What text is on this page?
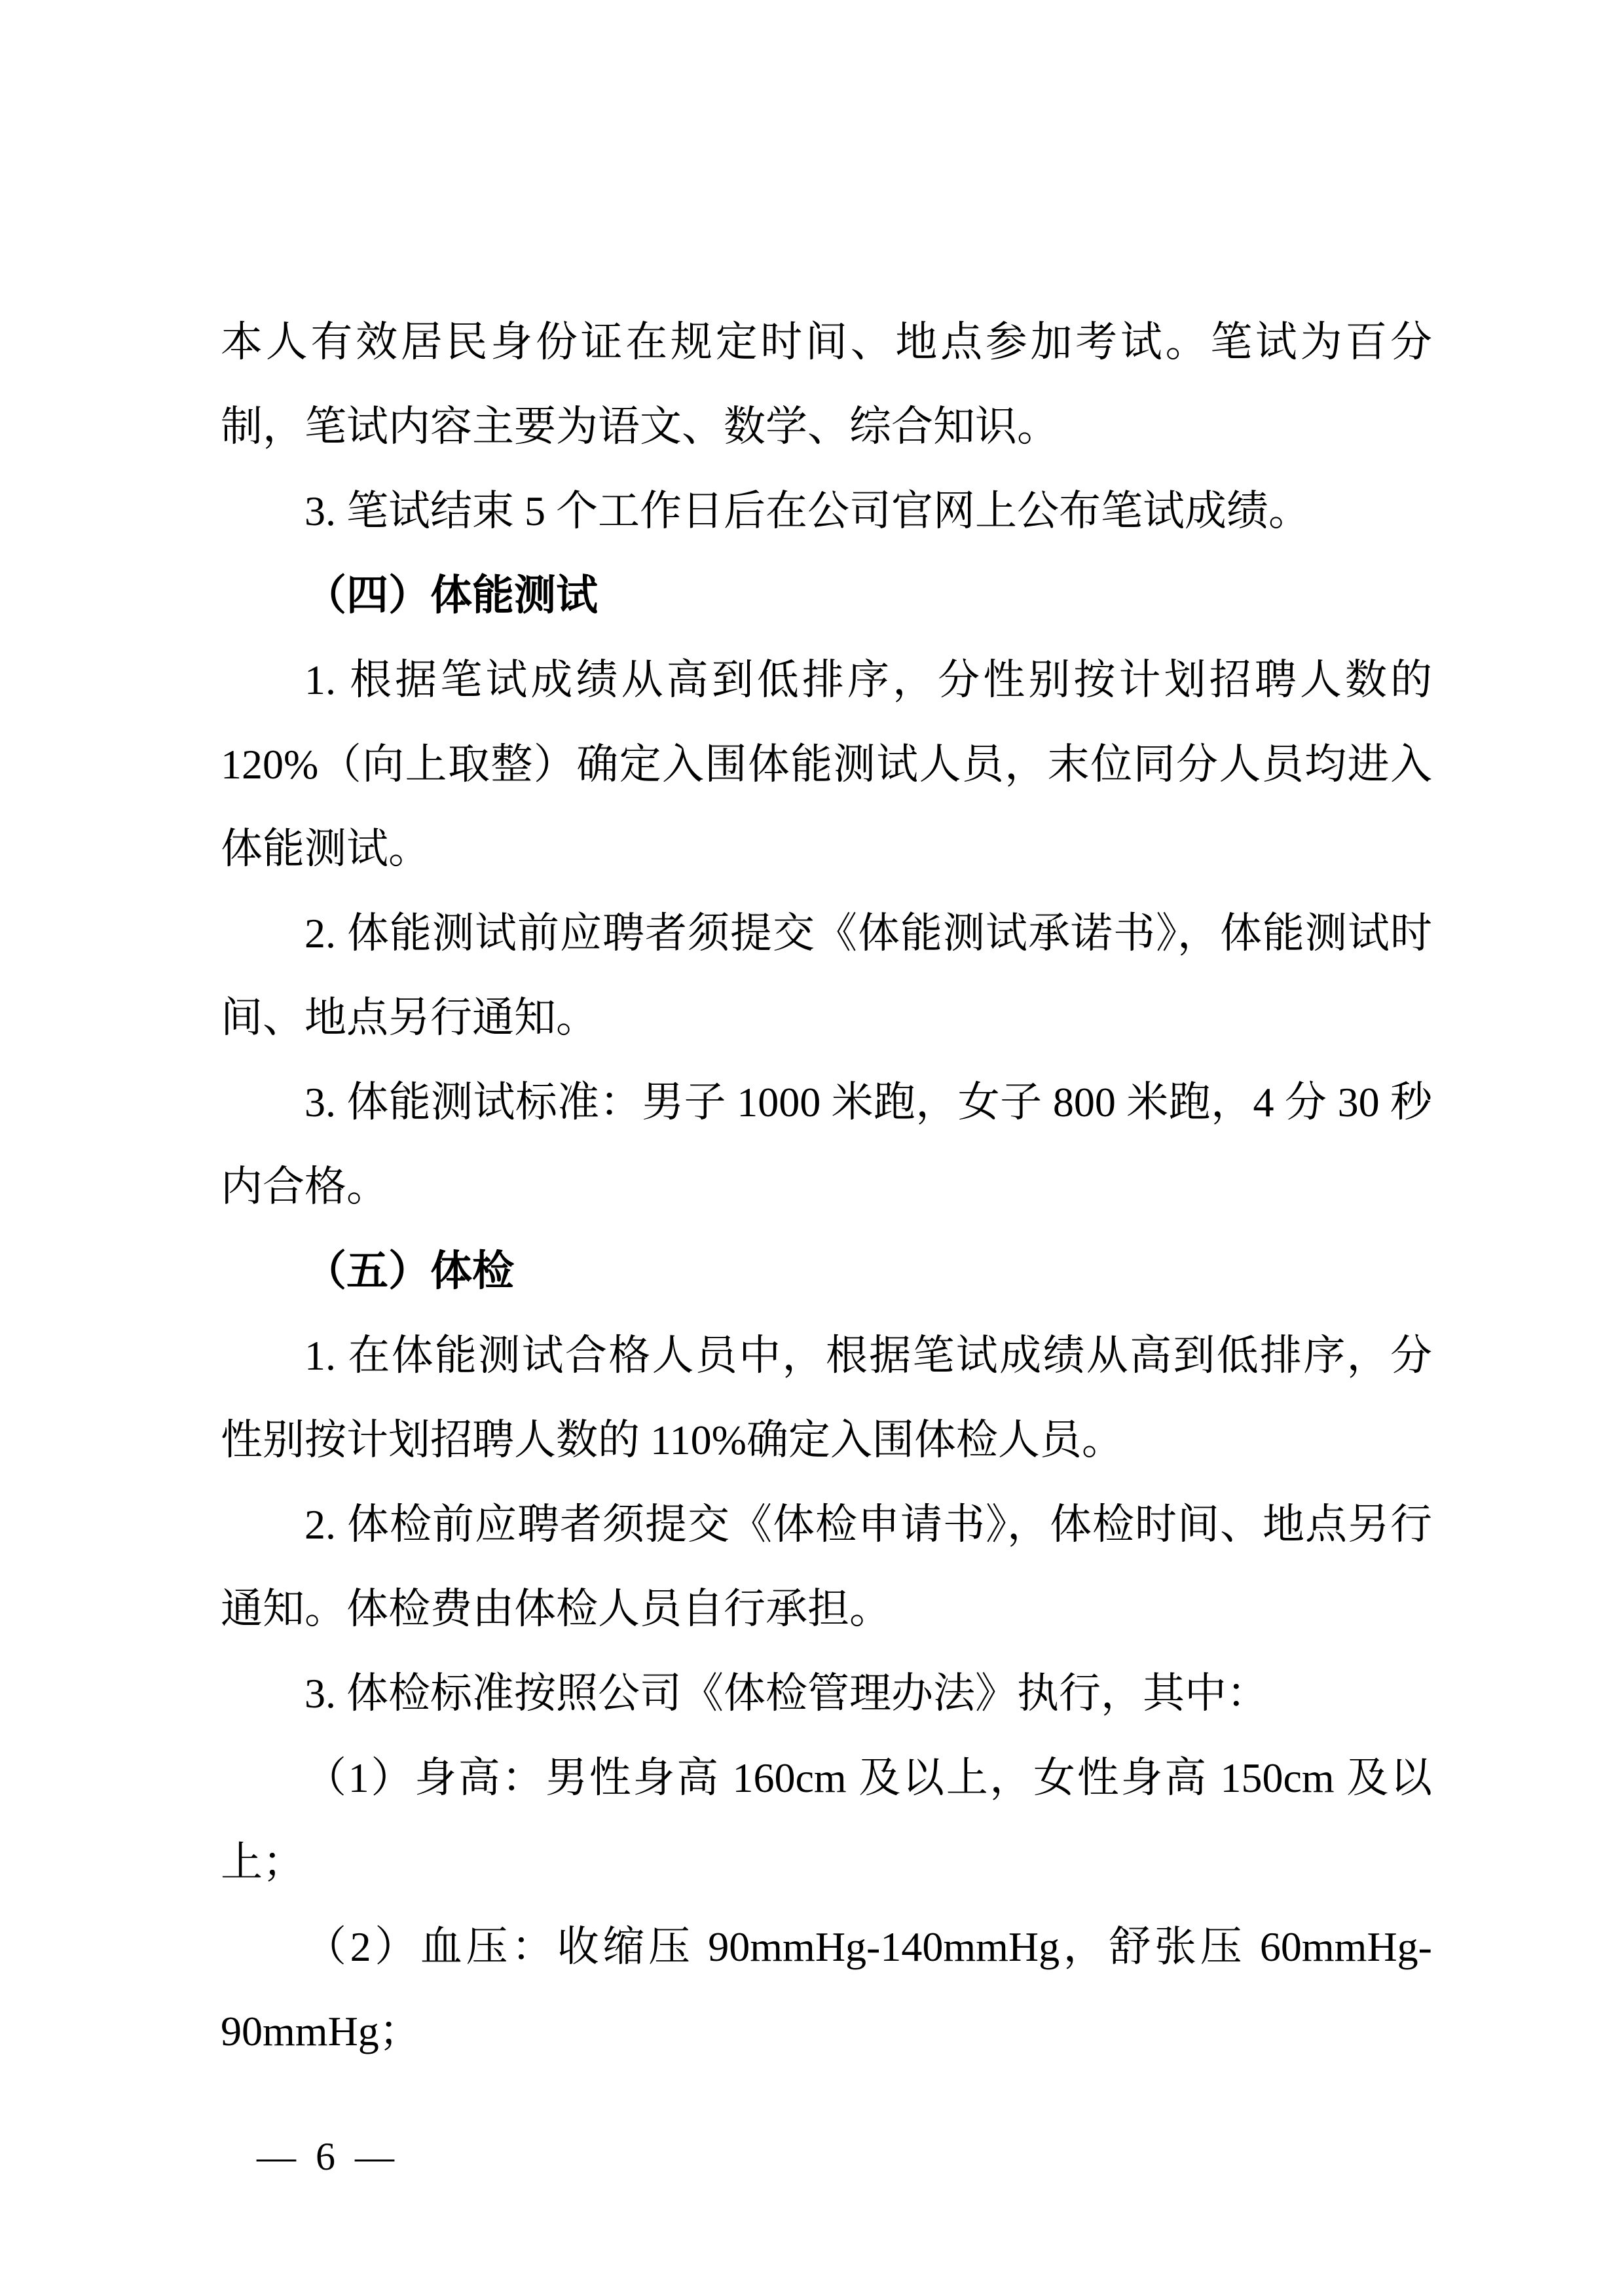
本人有效居民身份证在规定时间、地点参加考试。笔试为百分制，笔试内容主要为语文、数学、综合知识。

3. 笔试结束 5 个工作日后在公司官网上公布笔试成绩。

（四）体能测试

1. 根据笔试成绩从高到低排序，分性别按计划招聘人数的 120%（向上取整）确定入围体能测试人员，末位同分人员均进入体能测试。

2. 体能测试前应聘者须提交《体能测试承诺书》，体能测试时间、地点另行通知。

3. 体能测试标准：男子 1000 米跑，女子 800 米跑，4 分 30 秒内合格。

（五）体检

1. 在体能测试合格人员中，根据笔试成绩从高到低排序，分性别按计划招聘人数的 110%确定入围体检人员。

2. 体检前应聘者须提交《体检申请书》，体检时间、地点另行通知。体检费由体检人员自行承担。

3. 体检标准按照公司《体检管理办法》执行，其中：

（1）身高：男性身高 160cm 及以上，女性身高 150cm 及以上；

（2）血压：收缩压 90mmHg-140mmHg，舒张压 60mmHg-90mmHg；

— 6 —
